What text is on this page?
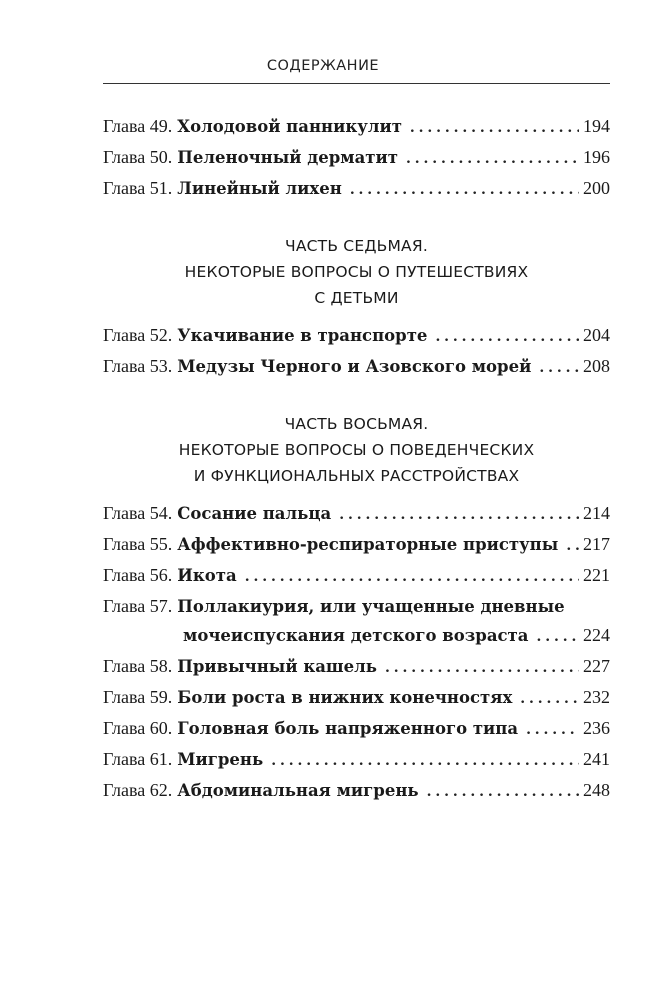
СОДЕРЖАНИЕ
Глава 49. Холодовой панникулит . . .	194
Глава 50. Пеленочный дерматит . . .	196
Глава 51. Линейный лихен . . .	200
ЧАСТЬ СЕДЬМАЯ.
НЕКОТОРЫЕ ВОПРОСЫ О ПУТЕШЕСТВИЯХ
С ДЕТЬМИ
Глава 52. Укачивание в транспорте . . .	204
Глава 53. Медузы Черного и Азовского морей . . .	208
ЧАСТЬ ВОСЬМАЯ.
НЕКОТОРЫЕ ВОПРОСЫ О ПОВЕДЕНЧЕСКИХ
И ФУНКЦИОНАЛЬНЫХ РАССТРОЙСТВАХ
Глава 54. Сосание пальца . . .	214
Глава 55. Аффективно-респираторные приступы . . . 217
Глава 56. Икота . . .	221
Глава 57. Поллакиурия, или учащенные дневные
мочеиспускания детского возраста . . .	224
Глава 58. Привычный кашель . . .	227
Глава 59. Боли роста в нижних конечностях . . .	232
Глава 60. Головная боль напряженного типа . . .	236
Глава 61. Мигрень . . .	241
Глава 62. Абдоминальная мигрень . . .	248
